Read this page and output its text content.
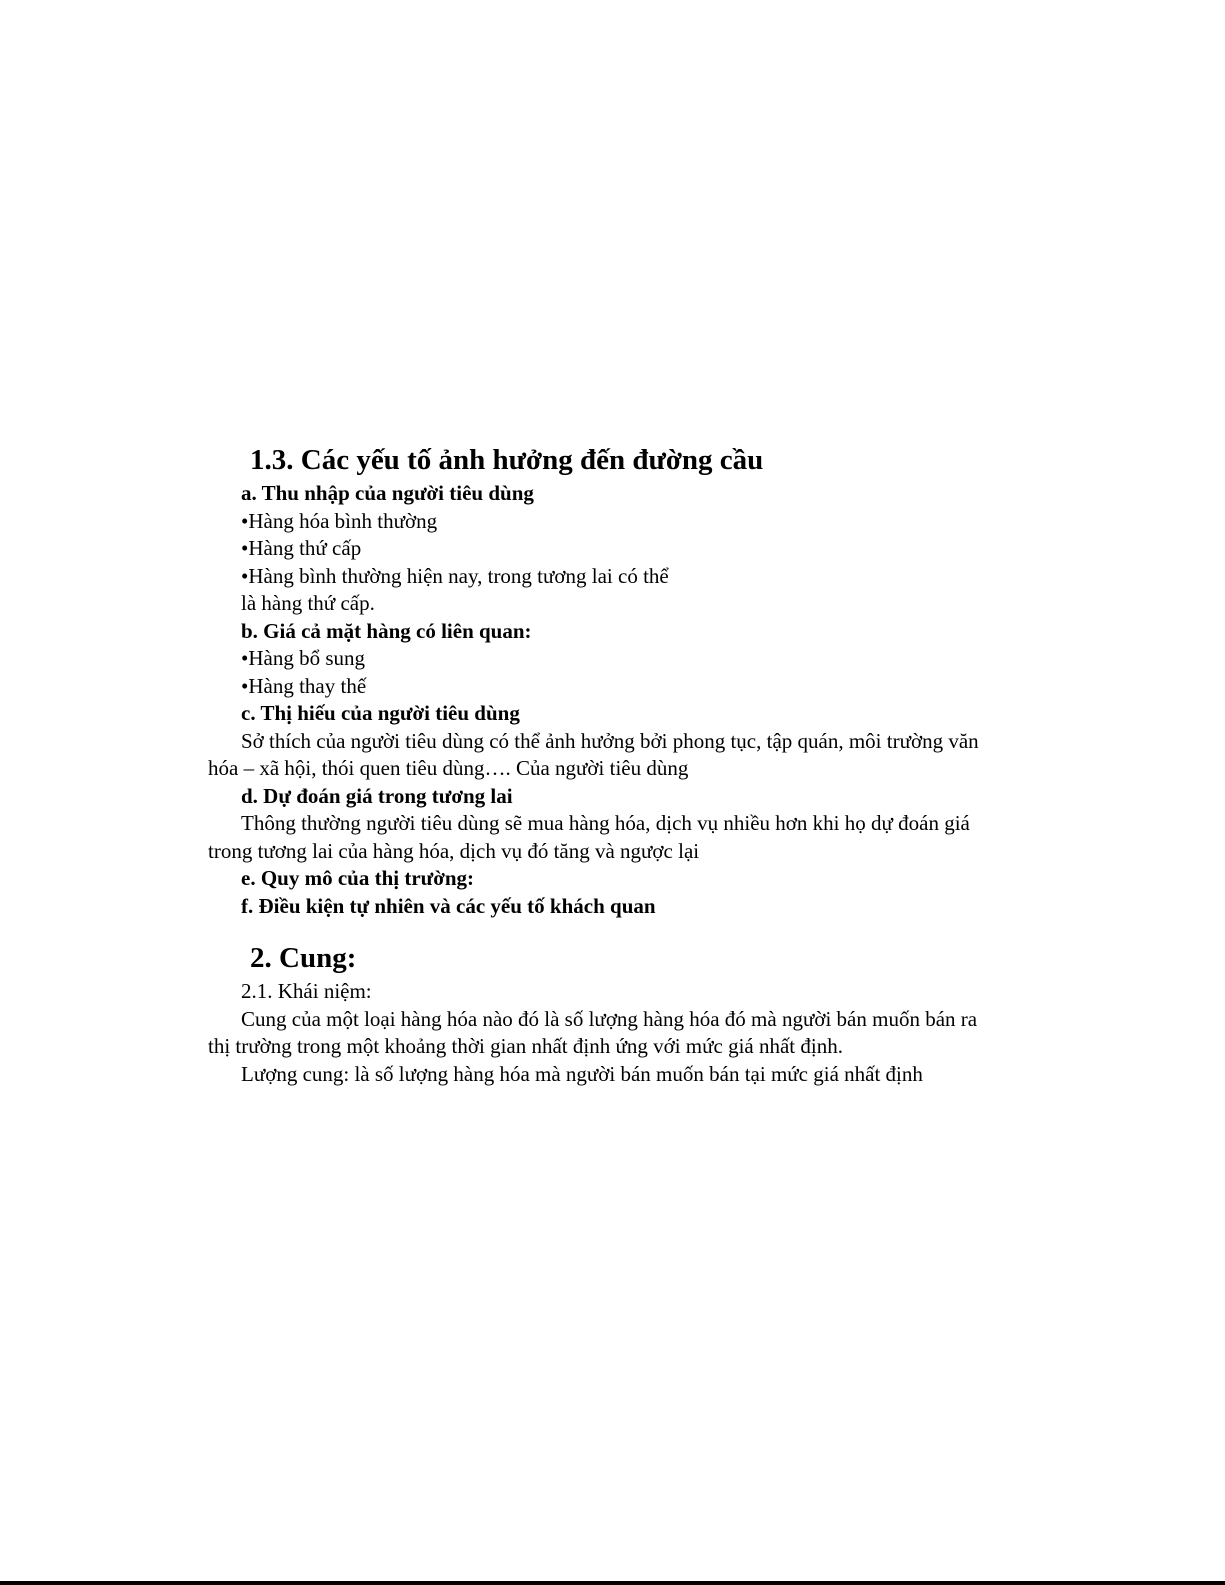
1.3. Các yếu tố ảnh hưởng đến đường cầu

a. Thu nhập của người tiêu dùng

•Hàng hóa bình thường

•Hàng thứ cấp

•Hàng bình thường hiện nay, trong tương lai có thể

là hàng thứ cấp.

b. Giá cả mặt hàng có liên quan:

•Hàng bổ sung

•Hàng thay thế

c. Thị hiếu của người tiêu dùng

Sở thích của người tiêu dùng có thể ảnh hưởng bởi phong tục, tập quán, môi trường văn hóa – xã hội, thói quen tiêu dùng…. Của người tiêu dùng

d. Dự đoán giá trong tương lai

Thông thường người tiêu dùng sẽ mua hàng hóa, dịch vụ nhiều hơn khi họ dự đoán giá trong tương lai của hàng hóa, dịch vụ đó tăng và ngược lại

e. Quy mô của thị trường:

f. Điều kiện tự nhiên và các yếu tố khách quan

2. Cung:

2.1. Khái niệm:

Cung của một loại hàng hóa nào đó là số lượng hàng hóa đó mà người bán muốn bán ra thị trường trong một khoảng thời gian nhất định ứng với mức giá nhất định.

Lượng cung: là số lượng hàng hóa mà người bán muốn bán tại mức giá nhất định
